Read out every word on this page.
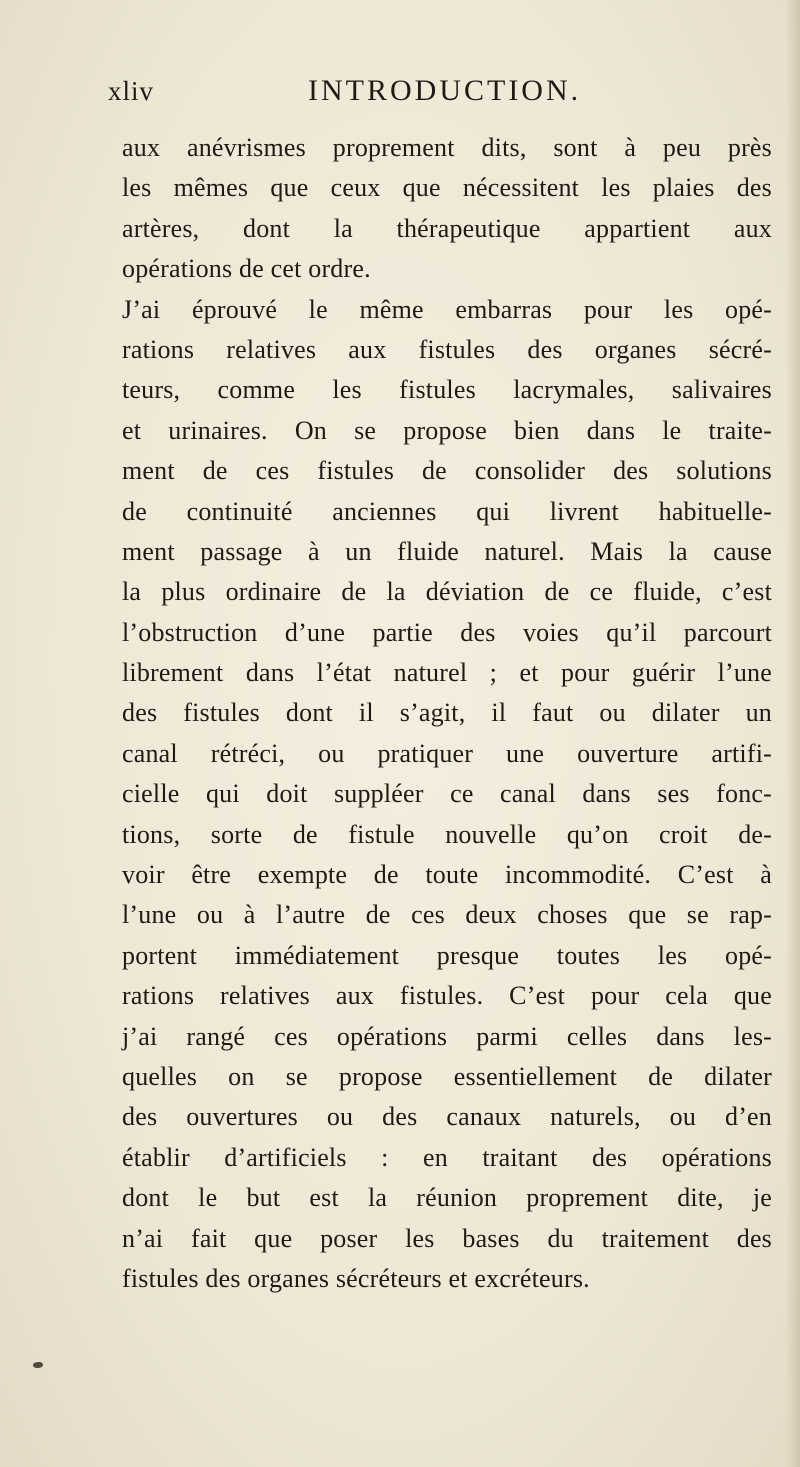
xliv	INTRODUCTION.
aux anévrismes proprement dits, sont à peu près
les mêmes que ceux que nécessitent les plaies des
artères, dont la thérapeutique appartient aux
opérations de cet ordre.
J’ai éprouvé le même embarras pour les opé-
rations relatives aux fistules des organes sécré-
teurs, comme les fistules lacrymales, salivaires
et urinaires. On se propose bien dans le traite-
ment de ces fistules de consolider des solutions
de continuité anciennes qui livrent habituelle-
ment passage à un fluide naturel. Mais la cause
la plus ordinaire de la déviation de ce fluide, c’est
l’obstruction d’une partie des voies qu’il parcourt
librement dans l’état naturel ; et pour guérir l’une
des fistules dont il s’agit, il faut ou dilater un
canal rétréci, ou pratiquer une ouverture artifi-
cielle qui doit suppléer ce canal dans ses fonc-
tions, sorte de fistule nouvelle qu’on croit de-
voir être exempte de toute incommodité. C’est à
l’une ou à l’autre de ces deux choses que se rap-
portent immédiatement presque toutes les opé-
rations relatives aux fistules. C’est pour cela que
j’ai rangé ces opérations parmi celles dans les-
quelles on se propose essentiellement de dilater
des ouvertures ou des canaux naturels, ou d’en
établir d’artificiels : en traitant des opérations
dont le but est la réunion proprement dite, je
n’ai fait que poser les bases du traitement des
fistules des organes sécréteurs et excréteurs.
